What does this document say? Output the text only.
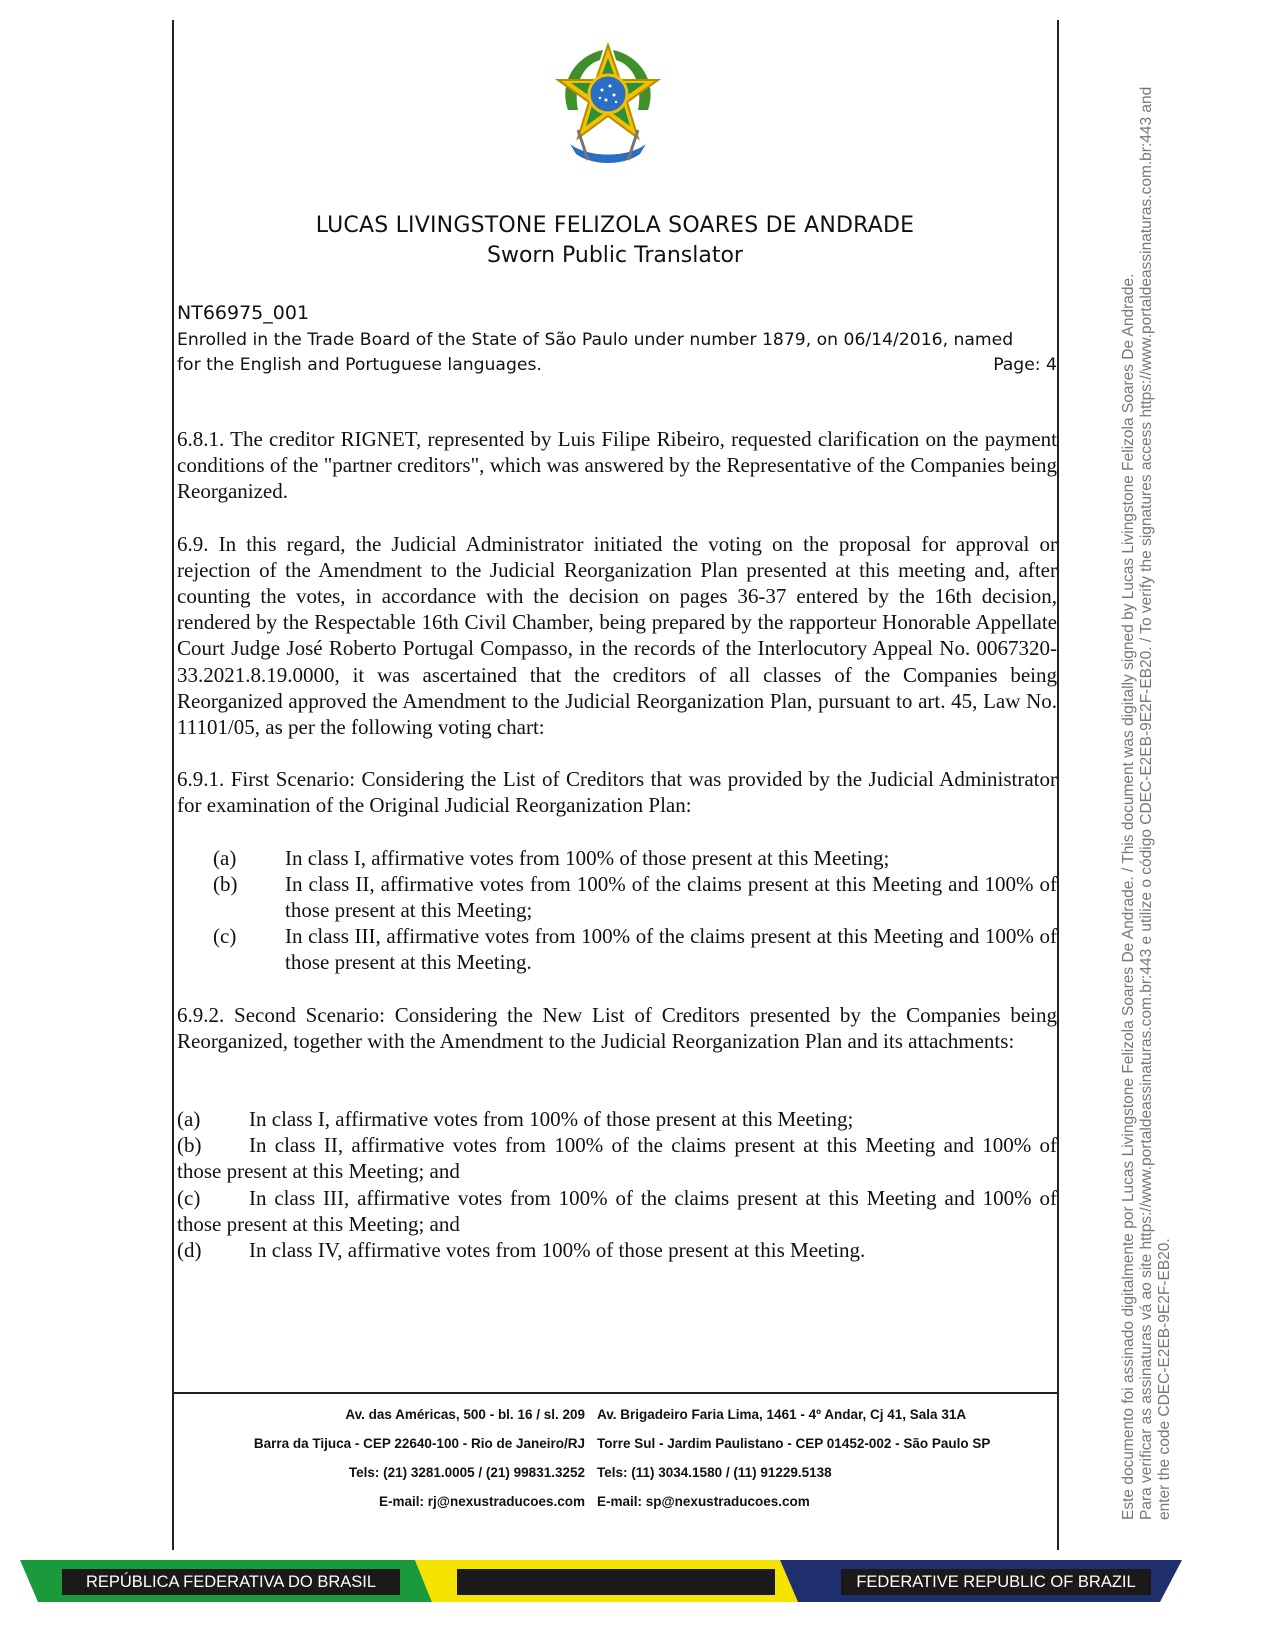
LUCAS LIVINGSTONE FELIZOLA SOARES DE ANDRADE
Sworn Public Translator
NT66975_001
Enrolled in the Trade Board of the State of São Paulo under number 1879, on 06/14/2016, named
for the English and Portuguese languages.	Page: 4

6.8.1. The creditor RIGNET, represented by Luis Filipe Ribeiro, requested clarification on the payment conditions of the "partner creditors", which was answered by the Representative of the Companies being Reorganized.

6.9. In this regard, the Judicial Administrator initiated the voting on the proposal for approval or rejection of the Amendment to the Judicial Reorganization Plan presented at this meeting and, after counting the votes, in accordance with the decision on pages 36-37 entered by the 16th decision, rendered by the Respectable 16th Civil Chamber, being prepared by the rapporteur Honorable Appellate Court Judge José Roberto Portugal Compasso, in the records of the Interlocutory Appeal No. 0067320-33.2021.8.19.0000, it was ascertained that the creditors of all classes of the Companies being Reorganized approved the Amendment to the Judicial Reorganization Plan, pursuant to art. 45, Law No. 11101/05, as per the following voting chart:

6.9.1. First Scenario: Considering the List of Creditors that was provided by the Judicial Administrator for examination of the Original Judicial Reorganization Plan:

(a)	In class I, affirmative votes from 100% of those present at this Meeting;
(b)	In class II, affirmative votes from 100% of the claims present at this Meeting and 100% of those present at this Meeting;
(c)	In class III, affirmative votes from 100% of the claims present at this Meeting and 100% of those present at this Meeting.

6.9.2. Second Scenario: Considering the New List of Creditors presented by the Companies being Reorganized, together with the Amendment to the Judicial Reorganization Plan and its attachments:

(a) In class I, affirmative votes from 100% of those present at this Meeting;
(b) In class II, affirmative votes from 100% of the claims present at this Meeting and 100% of those present at this Meeting; and
(c) In class III, affirmative votes from 100% of the claims present at this Meeting and 100% of those present at this Meeting; and
(d) In class IV, affirmative votes from 100% of those present at this Meeting.
Av. das Américas, 500 - bl. 16 / sl. 209
Barra da Tijuca - CEP 22640-100 - Rio de Janeiro/RJ
Tels: (21) 3281.0005 / (21) 99831.3252
E-mail: rj@nexustraducoes.com
Av. Brigadeiro Faria Lima, 1461 - 4º Andar, Cj 41, Sala 31A
Torre Sul - Jardim Paulistano - CEP 01452-002 - São Paulo SP
Tels: (11) 3034.1580 / (11) 91229.5138
E-mail: sp@nexustraducoes.com	Este documento foi assinado digitalmente por Lucas Livingstone Felizola Soares De Andrade. / This document was digitally signed by Lucas Livingstone Felizola Soares De Andrade. Para verificar as assinaturas vá ao site https://www.portaldeassinaturas.com.br:443 e utilize o código CDEC-E2EB-9E2F-EB20. / To verify the signatures access https://www.portaldeassinaturas.com.br:443 and enter the code CDEC-E2EB-9E2F-EB20.
REPÚBLICA FEDERATIVA DO BRASIL	FEDERATIVE REPUBLIC OF BRAZIL
